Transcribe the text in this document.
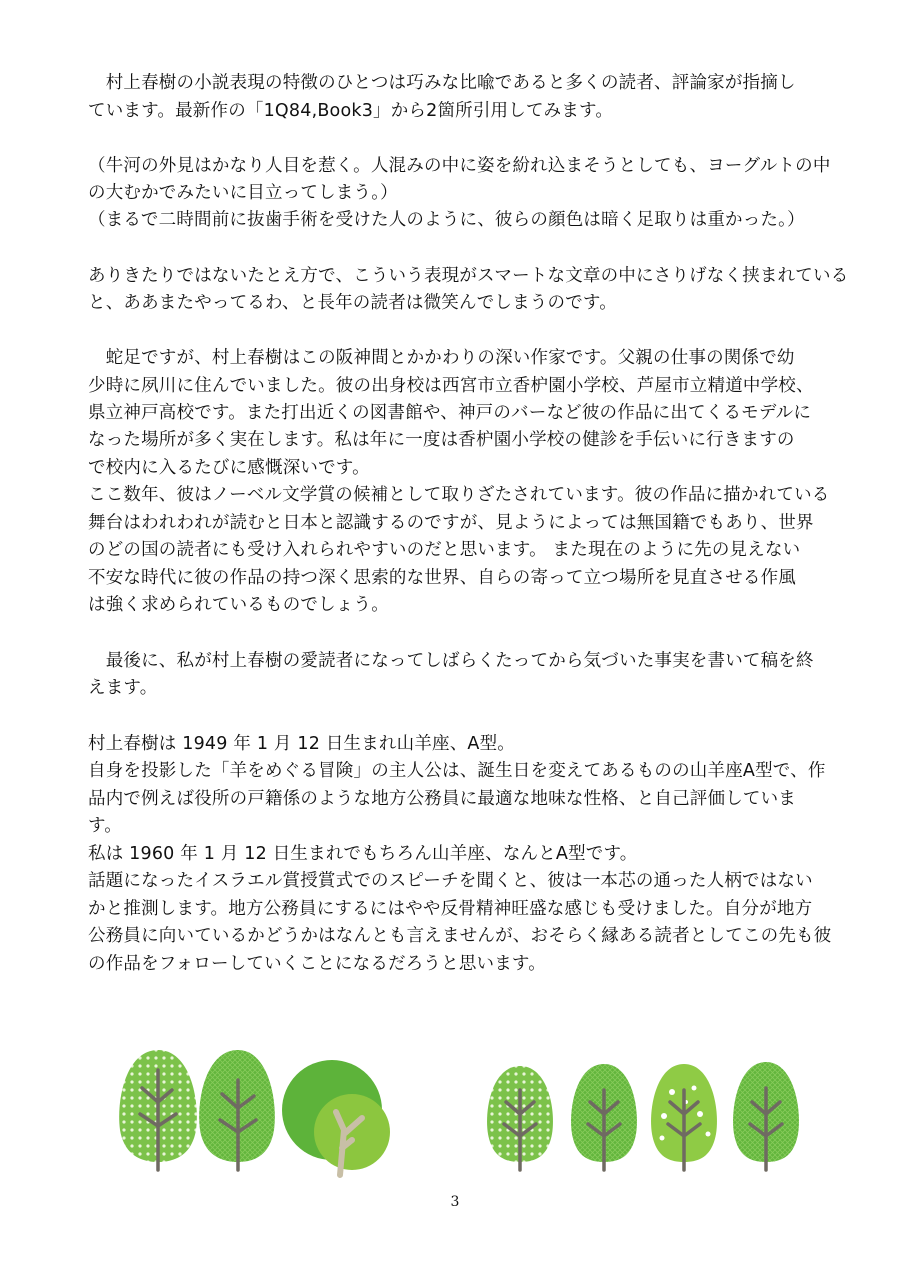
　村上春樹の小説表現の特徴のひとつは巧みな比喩であると多くの読者、評論家が指摘し
ています。最新作の「1Q84,Book3」から2箇所引用してみます。
（牛河の外見はかなり人目を惹く。人混みの中に姿を紛れ込まそうとしても、ヨーグルトの中
の大むかでみたいに目立ってしまう。）
（まるで二時間前に抜歯手術を受けた人のように、彼らの顔色は暗く足取りは重かった。）
ありきたりではないたとえ方で、こういう表現がスマートな文章の中にさりげなく挟まれている
と、ああまたやってるわ、と長年の読者は微笑んでしまうのです。
　蛇足ですが、村上春樹はこの阪神間とかかわりの深い作家です。父親の仕事の関係で幼
少時に夙川に住んでいました。彼の出身校は西宮市立香枦園小学校、芦屋市立精道中学校、
県立神戸高校です。また打出近くの図書館や、神戸のバーなど彼の作品に出てくるモデルに
なった場所が多く実在します。私は年に一度は香枦園小学校の健診を手伝いに行きますの
で校内に入るたびに感慨深いです。
ここ数年、彼はノーベル文学賞の候補として取りざたされています。彼の作品に描かれている
舞台はわれわれが読むと日本と認識するのですが、見ようによっては無国籍でもあり、世界
のどの国の読者にも受け入れられやすいのだと思います。 また現在のように先の見えない
不安な時代に彼の作品の持つ深く思索的な世界、自らの寄って立つ場所を見直させる作風
は強く求められているものでしょう。
　最後に、私が村上春樹の愛読者になってしばらくたってから気づいた事実を書いて稿を終
えます。
村上春樹は 1949 年 1 月 12 日生まれ山羊座、A型。
自身を投影した「羊をめぐる冒険」の主人公は、誕生日を変えてあるものの山羊座A型で、作
品内で例えば役所の戸籍係のような地方公務員に最適な地味な性格、と自己評価していま
す。
私は 1960 年 1 月 12 日生まれでもちろん山羊座、なんとA型です。
話題になったイスラエル賞授賞式でのスピーチを聞くと、彼は一本芯の通った人柄ではない
かと推測します。地方公務員にするにはやや反骨精神旺盛な感じも受けました。自分が地方
公務員に向いているかどうかはなんとも言えませんが、おそらく縁ある読者としてこの先も彼
の作品をフォローしていくことになるだろうと思います。
3
